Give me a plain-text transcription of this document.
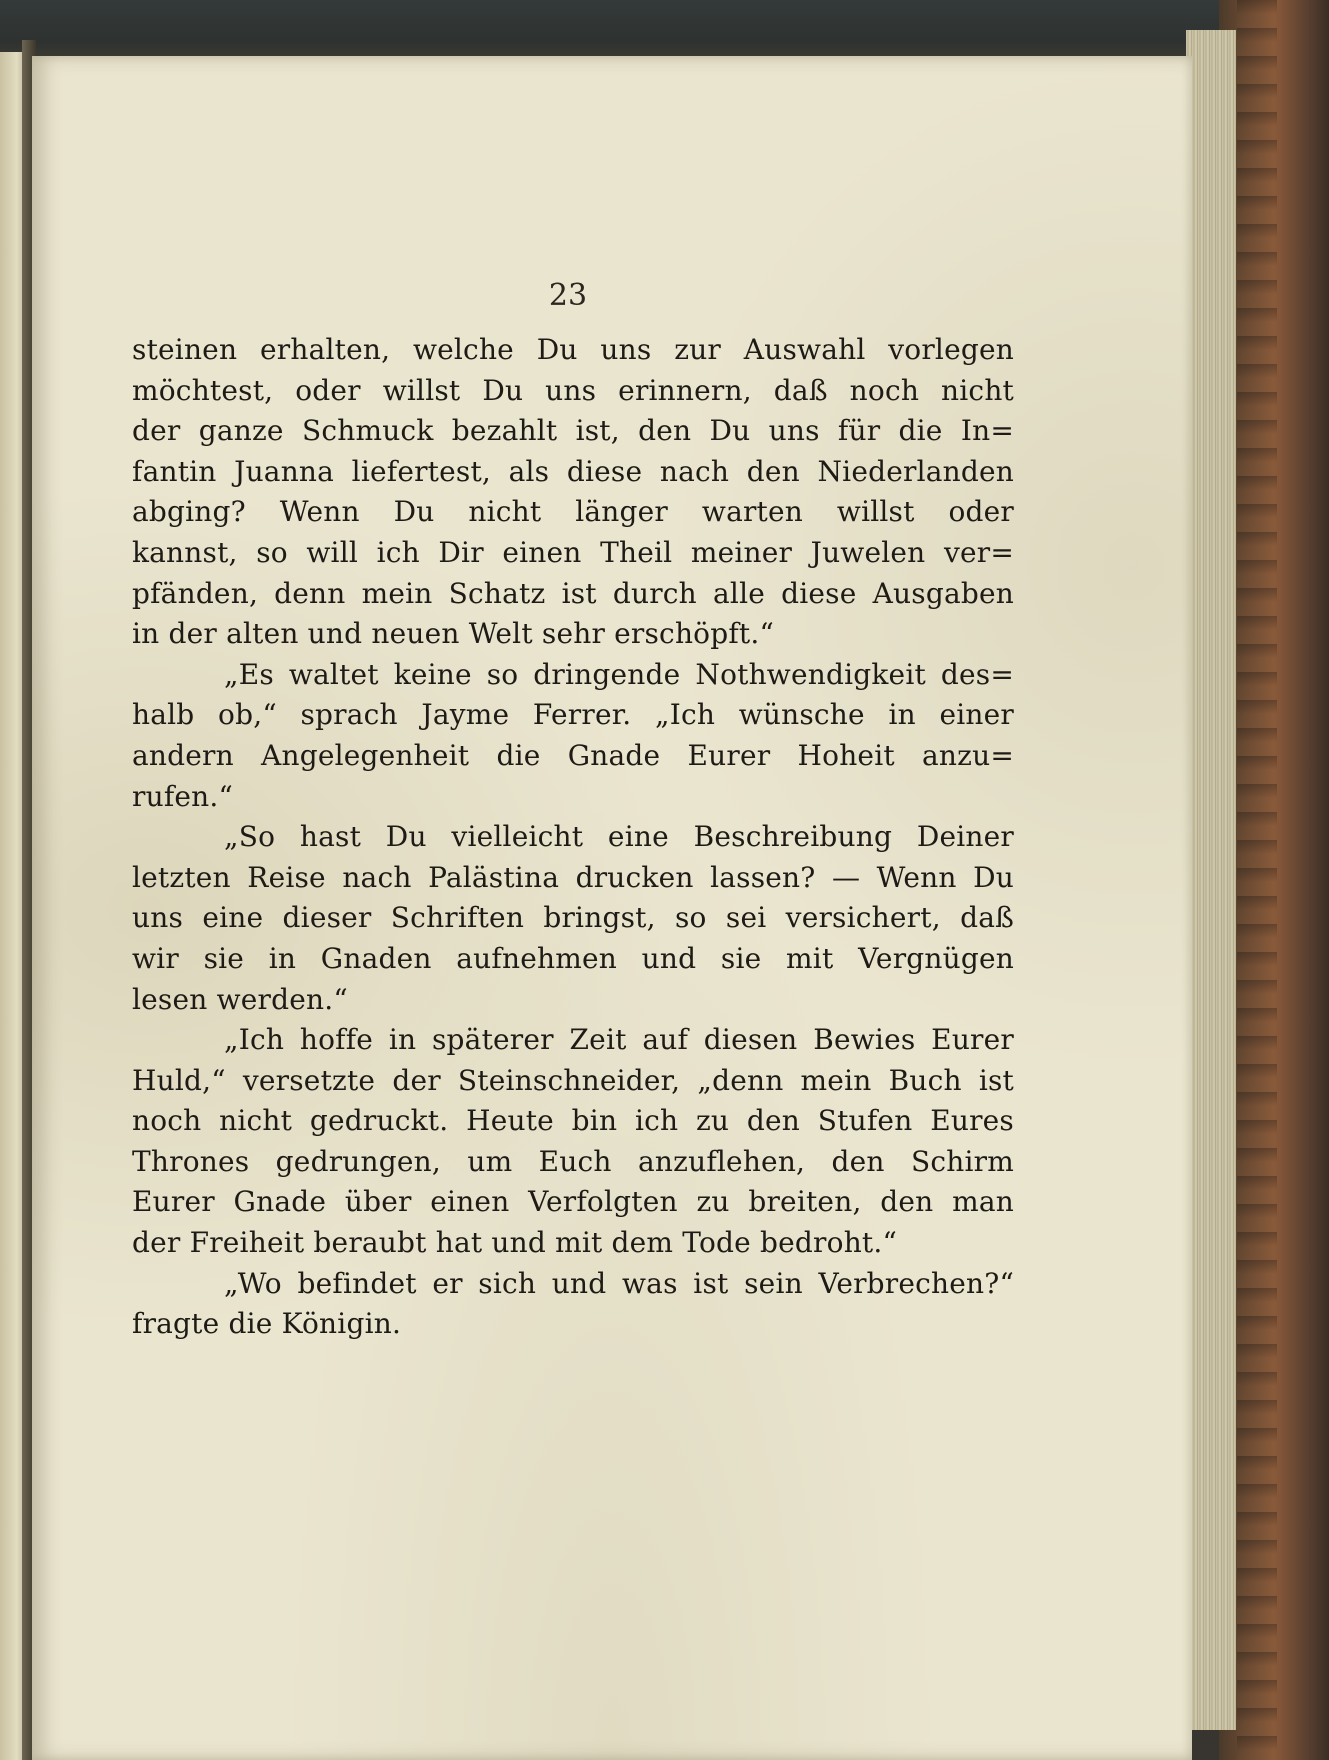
23

steinen erhalten, welche Du uns zur Auswahl vorlegen
möchtest, oder willst Du uns erinnern, daß noch nicht
der ganze Schmuck bezahlt ist, den Du uns für die In=
fantin Juanna liefertest, als diese nach den Niederlanden
abging? Wenn Du nicht länger warten willst oder
kannst, so will ich Dir einen Theil meiner Juwelen ver=
pfänden, denn mein Schatz ist durch alle diese Ausgaben
in der alten und neuen Welt sehr erschöpft.“
„Es waltet keine so dringende Nothwendigkeit des=
halb ob,“ sprach Jayme Ferrer. „Ich wünsche in einer
andern Angelegenheit die Gnade Eurer Hoheit anzu=
rufen.“
„So hast Du vielleicht eine Beschreibung Deiner
letzten Reise nach Palästina drucken lassen? — Wenn Du
uns eine dieser Schriften bringst, so sei versichert, daß
wir sie in Gnaden aufnehmen und sie mit Vergnügen
lesen werden.“
„Ich hoffe in späterer Zeit auf diesen Bewies Eurer
Huld,“ versetzte der Steinschneider, „denn mein Buch ist
noch nicht gedruckt. Heute bin ich zu den Stufen Eures
Thrones gedrungen, um Euch anzuflehen, den Schirm
Eurer Gnade über einen Verfolgten zu breiten, den man
der Freiheit beraubt hat und mit dem Tode bedroht.“
„Wo befindet er sich und was ist sein Verbrechen?“
fragte die Königin.
